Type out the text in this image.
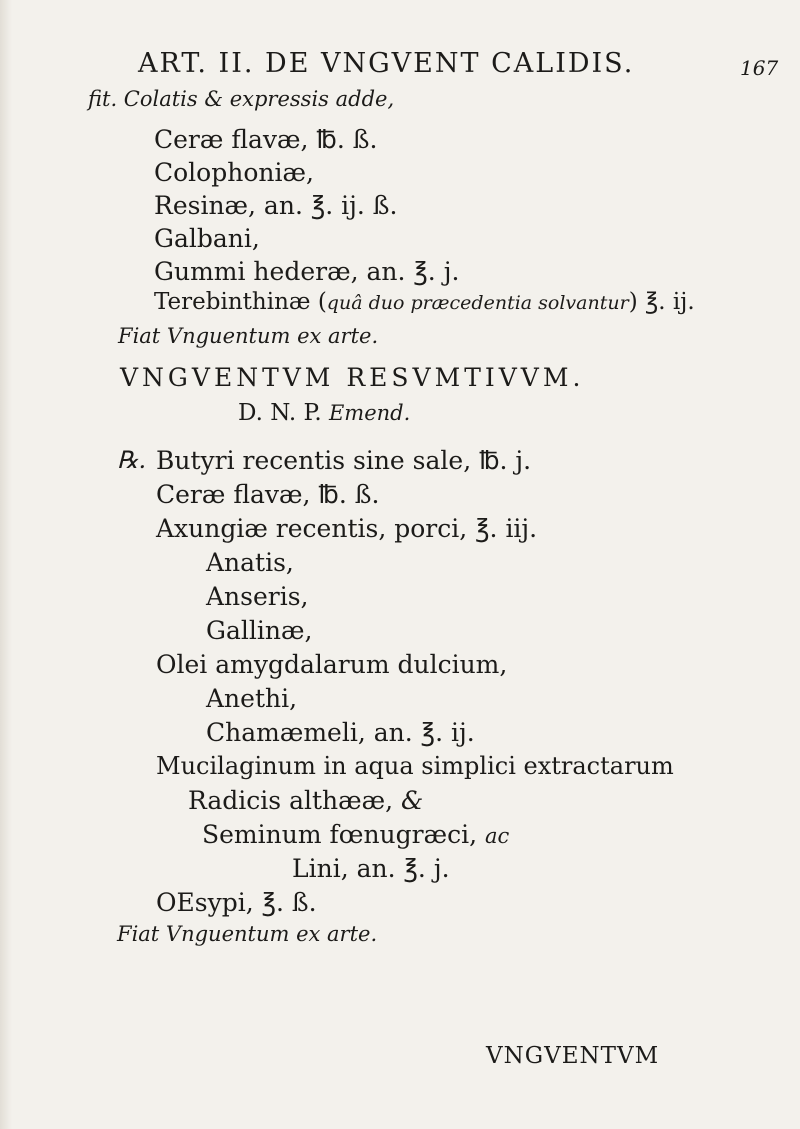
ART. II. DE VNGVENT CALIDIS.	167
fit. Colatis & expressis adde,
Ceræ flavæ, ℔. ß.
Colophoniæ,
Resinæ, an. ℥. ij. ß.
Galbani,
Gummi hederæ, an. ℥. j.
Terebinthinæ (quâ duo præcedentia solvantur) ℥. ij.
Fiat Vnguentum ex arte.
VNGVENTVM RESVMTIVVM.
D. N. P. Emend.
℞. Butyri recentis sine sale, ℔. j.
Ceræ flavæ, ℔. ß.
Axungiæ recentis, porci, ℥. iij.
Anatis,
Anseris,
Gallinæ,
Olei amygdalarum dulcium,
Anethi,
Chamæmeli, an. ℥. ij.
Mucilaginum in aqua simplici extractarum
Radicis althææ, &
Seminum fœnugræci, ac
Lini, an. ℥. j.
OEsypi, ℥. ß.
Fiat Vnguentum ex arte.
VNGVENTVM
